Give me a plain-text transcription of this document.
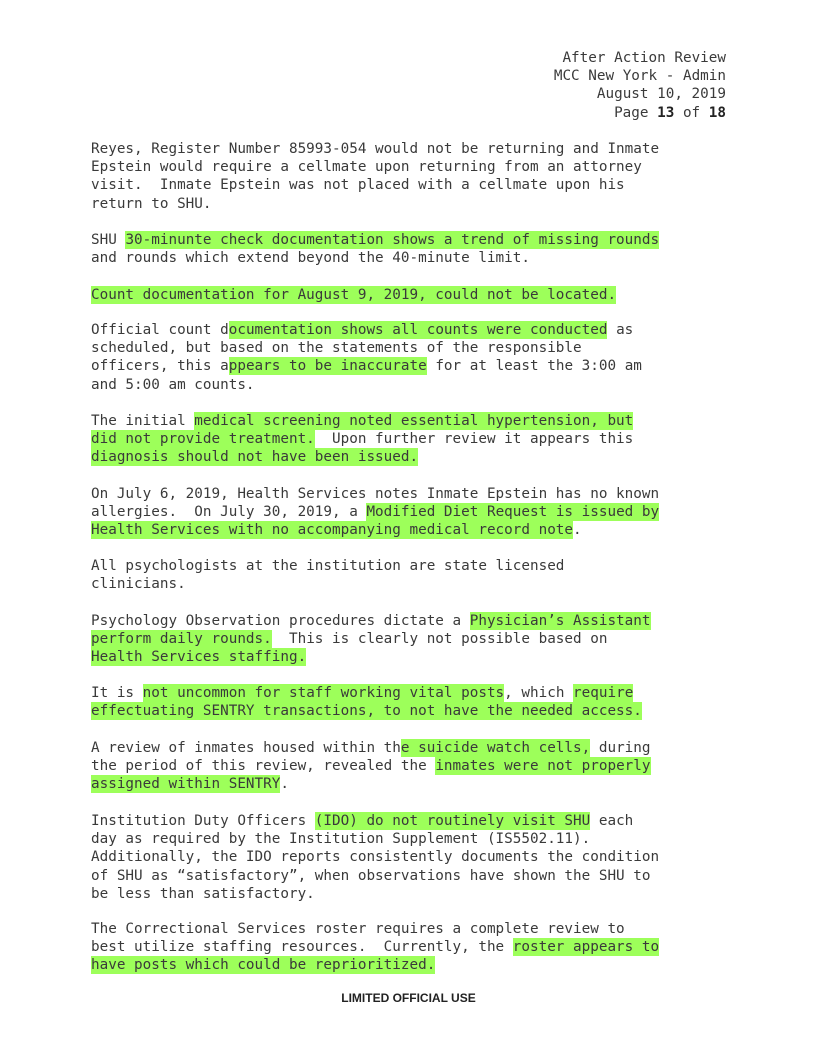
After Action Review
MCC New York - Admin
August 10, 2019
Page 13 of 18
Reyes, Register Number 85993-054 would not be returning and Inmate
Epstein would require a cellmate upon returning from an attorney
visit.  Inmate Epstein was not placed with a cellmate upon his
return to SHU.
SHU 30-minunte check documentation shows a trend of missing rounds
and rounds which extend beyond the 40-minute limit.
Count documentation for August 9, 2019, could not be located.
Official count documentation shows all counts were conducted as
scheduled, but based on the statements of the responsible
officers, this appears to be inaccurate for at least the 3:00 am
and 5:00 am counts.
The initial medical screening noted essential hypertension, but
did not provide treatment.  Upon further review it appears this
diagnosis should not have been issued.
On July 6, 2019, Health Services notes Inmate Epstein has no known
allergies.  On July 30, 2019, a Modified Diet Request is issued by
Health Services with no accompanying medical record note.
All psychologists at the institution are state licensed
clinicians.
Psychology Observation procedures dictate a Physician’s Assistant
perform daily rounds.  This is clearly not possible based on
Health Services staffing.
It is not uncommon for staff working vital posts, which require
effectuating SENTRY transactions, to not have the needed access.
A review of inmates housed within the suicide watch cells, during
the period of this review, revealed the inmates were not properly
assigned within SENTRY.
Institution Duty Officers (IDO) do not routinely visit SHU each
day as required by the Institution Supplement (IS5502.11).
Additionally, the IDO reports consistently documents the condition
of SHU as “satisfactory”, when observations have shown the SHU to
be less than satisfactory.
The Correctional Services roster requires a complete review to
best utilize staffing resources.  Currently, the roster appears to
have posts which could be reprioritized.
LIMITED OFFICIAL USE
